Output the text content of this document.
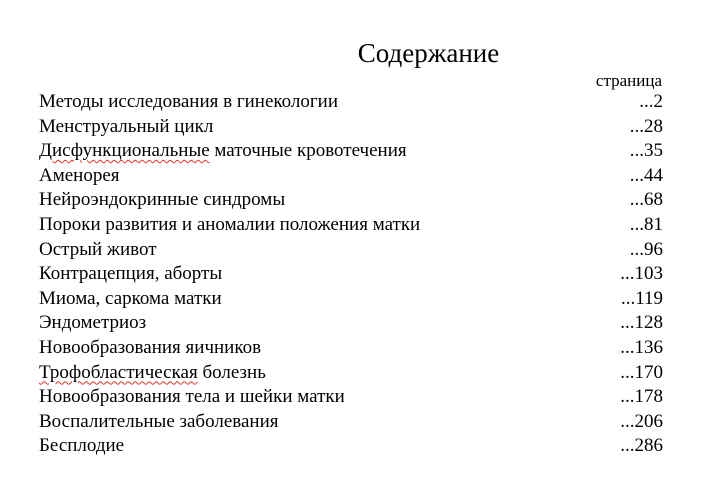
Содержание
страница
Методы исследования в гинекологии	...2
Менструальный цикл	...28
Дисфункциональные маточные кровотечения	...35
Аменорея	...44
Нейроэндокринные синдромы	...68
Пороки развития и аномалии положения матки	...81
Острый живот	...96
Контрацепция, аборты	...103
Миома, саркома матки	...119
Эндометриоз	...128
Новообразования яичников	...136
Трофобластическая болезнь	...170
Новообразования тела и шейки матки	...178
Воспалительные заболевания	...206
Бесплодие	...286
